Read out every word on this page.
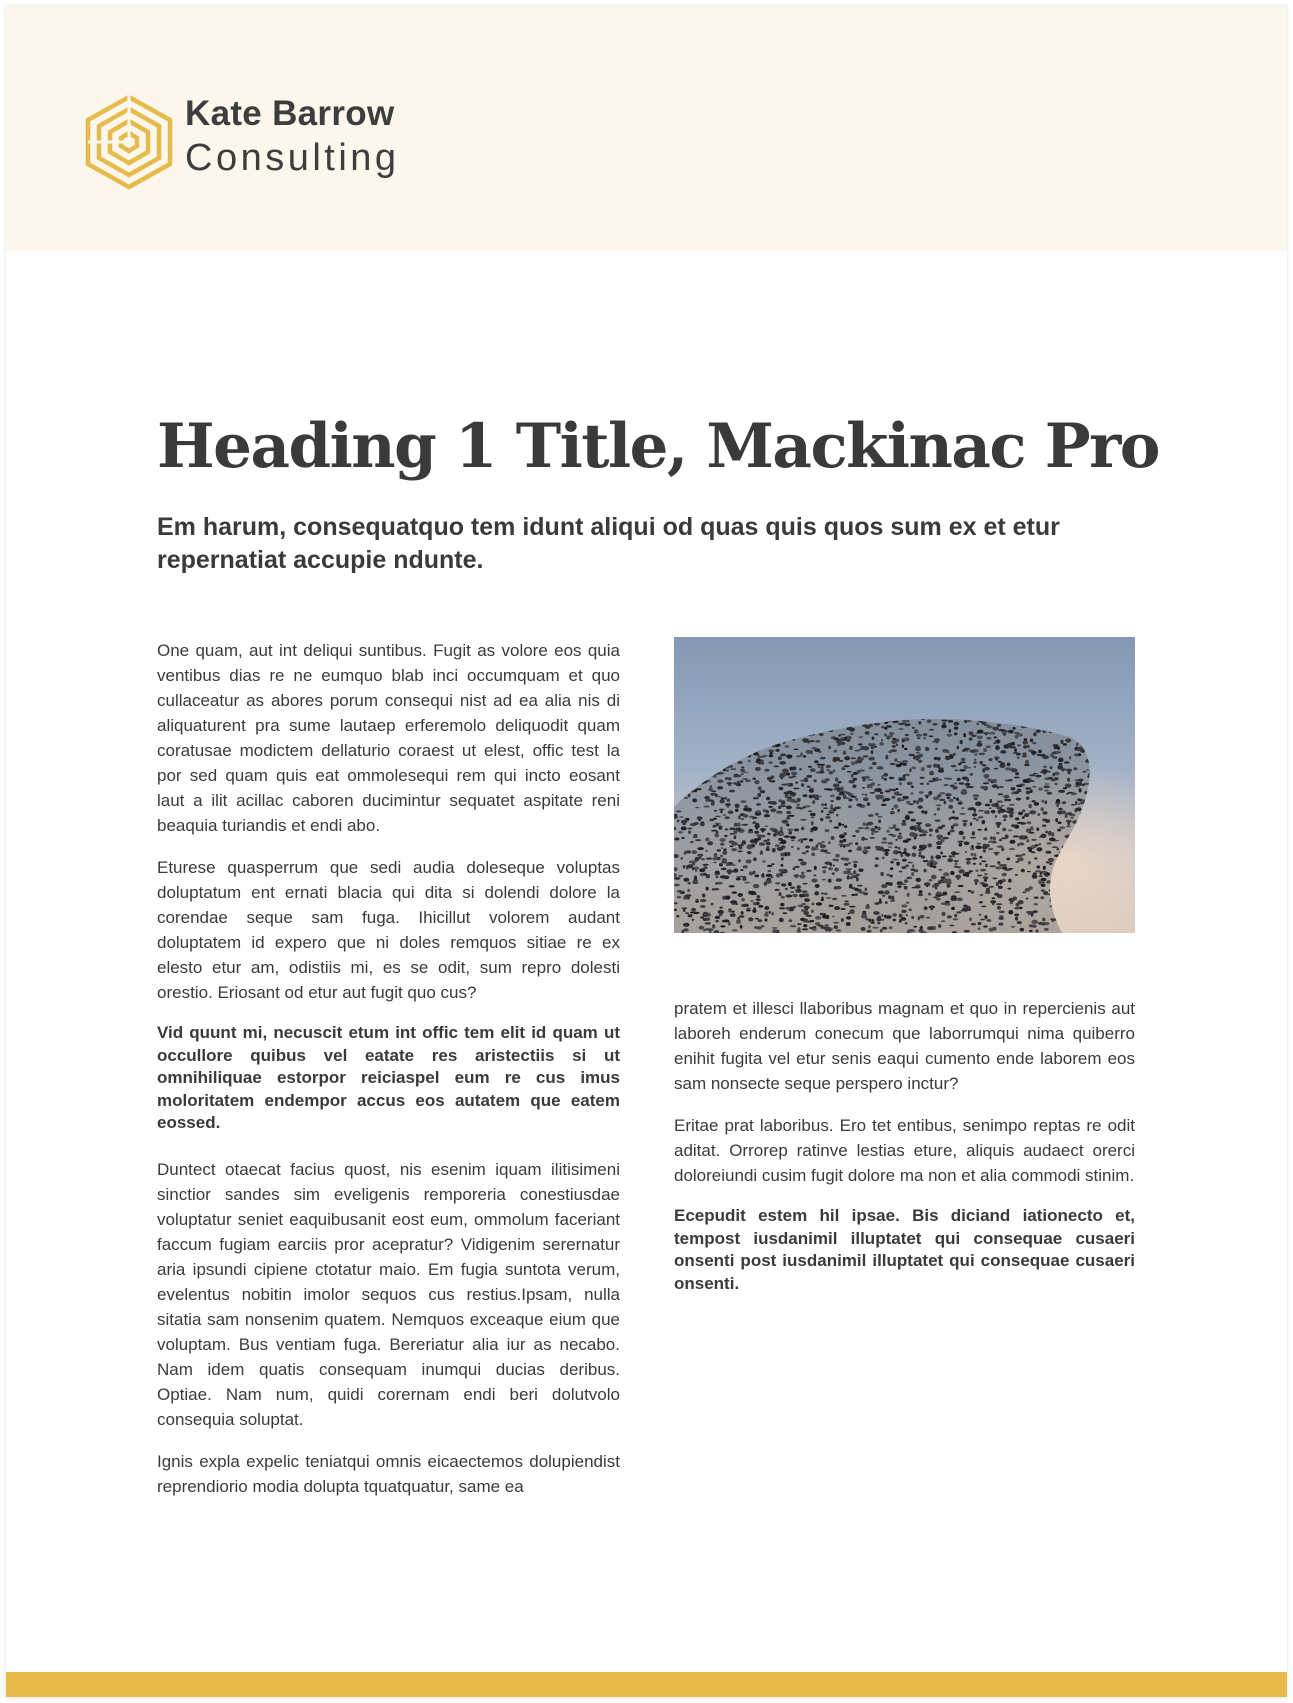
Kate Barrow
Consulting
Heading 1 Title, Mackinac Pro

Em harum, consequatquo tem idunt aliqui od quas quis quos sum ex et etur repernatiat accupie ndunte.

One quam, aut int deliqui suntibus. Fugit as volore eos quia ventibus dias re ne eumquo blab inci occumquam et quo cullaceatur as abores porum consequi nist ad ea alia nis di aliquaturent pra sume lautaep erferemolo deliquodit quam coratusae modictem dellaturio coraest ut elest, offic test la por sed quam quis eat ommolesequi rem qui incto eosant laut a ilit acillac caboren ducimintur sequatet aspitate reni beaquia turiandis et endi abo.

Eturese quasperrum que sedi audia doleseque voluptas doluptatum ent ernati blacia qui dita si dolendi dolore la corendae seque sam fuga. Ihicillut volorem audant doluptatem id expero que ni doles remquos sitiae re ex elesto etur am, odistiis mi, es se odit, sum repro dolesti orestio. Eriosant od etur aut fugit quo cus?

Vid quunt mi, necuscit etum int offic tem elit id quam ut occullore quibus vel eatate res aristectiis si ut omnihiliquae estorpor reiciaspel eum re cus imus moloritatem endempor accus eos autatem que eatem eossed.

Duntect otaecat facius quost, nis esenim iquam ilitisimeni sinctior sandes sim eveligenis remporeria conestiusdae voluptatur seniet eaquibusanit eost eum, ommolum faceriant faccum fugiam earciis pror acepratur? Vidigenim serernatur aria ipsundi cipiene ctotatur maio. Em fugia suntota verum, evelentus nobitin imolor sequos cus restius.Ipsam, nulla sitatia sam nonsenim quatem. Nemquos exceaque eium que voluptam. Bus ventiam fuga. Bereriatur alia iur as necabo. Nam idem quatis consequam inumqui ducias deribus. Optiae. Nam num, quidi corernam endi beri dolutvolo consequia soluptat.

Ignis expla expelic teniatqui omnis eicaectemos dolupiendist reprendiorio modia dolupta tquatquatur, same ea

pratem et illesci llaboribus magnam et quo in repercienis aut laboreh enderum conecum que laborrumqui nima quiberro enihit fugita vel etur senis eaqui cumento ende laborem eos sam nonsecte seque perspero inctur?

Eritae prat laboribus. Ero tet entibus, senimpo reptas re odit aditat. Orrorep ratinve lestias eture, aliquis audaect orerci doloreiundi cusim fugit dolore ma non et alia commodi stinim.

Ecepudit estem hil ipsae. Bis diciand iationecto et, tempost iusdanimil illuptatet qui consequae cusaeri onsenti post iusdanimil illuptatet qui consequae cusaeri onsenti.
